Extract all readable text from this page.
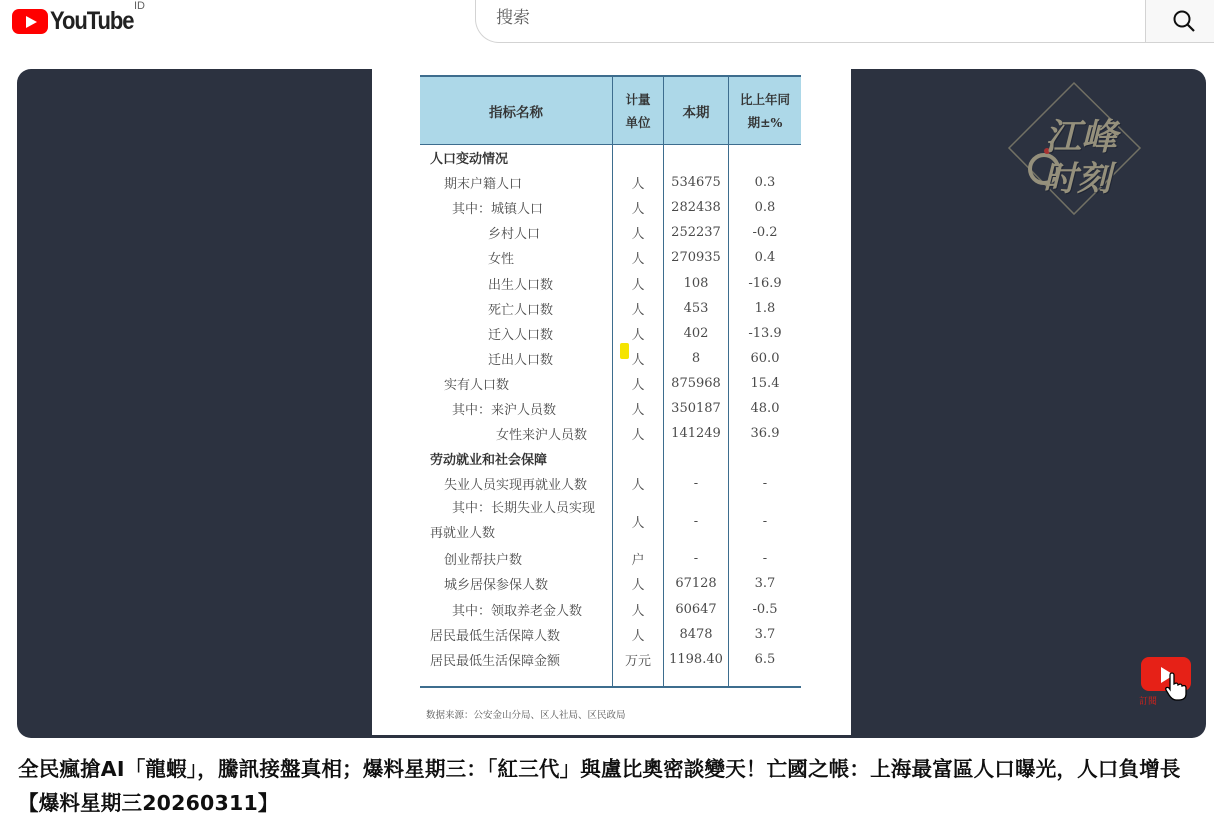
YouTube
ID
搜索
指标名称	计量
单位	本期	比上年同
期±%
人口变动情况			
期末户籍人口	人	534675	0.3
其中：城镇人口	人	282438	0.8
乡村人口	人	252237	-0.2
女性	人	270935	0.4
出生人口数	人	108	-16.9
死亡人口数	人	453	1.8
迁入人口数	人	402	-13.9
迁出人口数	人	8	60.0
实有人口数	人	875968	15.4
其中：来沪人员数	人	350187	48.0
女性来沪人员数	人	141249	36.9
劳动就业和社会保障			
失业人员实现再就业人数	人	-	-
其中：长期失业人员实现
再就业人数	人	-	-
创业帮扶户数	户	-	-
城乡居保参保人数	人	67128	3.7
其中：领取养老金人数	人	60647	-0.5
居民最低生活保障人数	人	8478	3.7
居民最低生活保障金额	万元	1198.40	6.5

数据来源：公安金山分局、区人社局、区民政局
江峰
时刻
訂閱
全民瘋搶AI「龍蝦」，騰訊接盤真相；爆料星期三：「紅三代」與盧比奧密談變天！亡國之帳：上海最富區人口曝光，人口負增長【爆料星期三20260311】
